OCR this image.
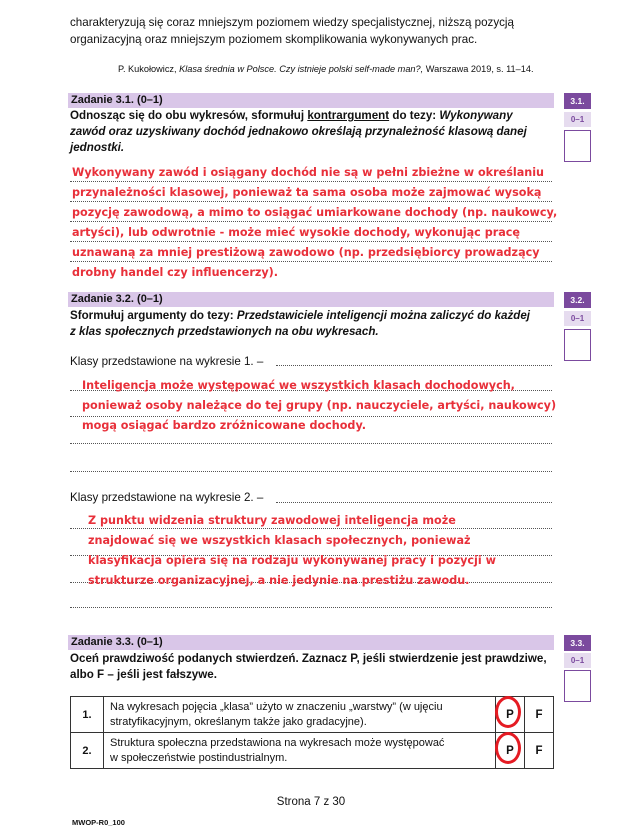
charakteryzują się coraz mniejszym poziomem wiedzy specjalistycznej, niższą pozycją
organizacyjną oraz mniejszym poziomem skomplikowania wykonywanych prac.
P. Kukołowicz, Klasa średnia w Polsce. Czy istnieje polski self-made man?, Warszawa 2019, s. 11–14.
Zadanie 3.1. (0–1)	3.1.
0–1
Odnosząc się do obu wykresów, sformułuj kontrargument do tezy: Wykonywany
zawód oraz uzyskiwany dochód jednakowo określają przynależność klasową danej
jednostki.
Wykonywany zawód i osiągany dochód nie są w pełni zbieżne w określaniu
przynależności klasowej, ponieważ ta sama osoba może zajmować wysoką
pozycję zawodową, a mimo to osiągać umiarkowane dochody (np. naukowcy,
artyści), lub odwrotnie - może mieć wysokie dochody, wykonując pracę
uznawaną za mniej prestiżową zawodowo (np. przedsiębiorcy prowadzący
drobny handel czy influencerzy).
Zadanie 3.2. (0–1)	3.2.
0–1
Sformułuj argumenty do tezy: Przedstawiciele inteligencji można zaliczyć do każdej
z klas społecznych przedstawionych na obu wykresach.
Klasy przedstawione na wykresie 1. –
Inteligencja może występować we wszystkich klasach dochodowych,
ponieważ osoby należące do tej grupy (np. nauczyciele, artyści, naukowcy)
mogą osiągać bardzo zróżnicowane dochody.
Klasy przedstawione na wykresie 2. –
Z punktu widzenia struktury zawodowej inteligencja może
znajdować się we wszystkich klasach społecznych, ponieważ
klasyfikacja opiera się na rodzaju wykonywanej pracy i pozycji w
strukturze organizacyjnej, a nie jedynie na prestiżu zawodu.
Zadanie 3.3. (0–1)	3.3.
0–1
Oceń prawdziwość podanych stwierdzeń. Zaznacz P, jeśli stwierdzenie jest prawdziwe,
albo F – jeśli jest fałszywe.
1.	Na wykresach pojęcia „klasa” użyto w znaczeniu „warstwy” (w ujęciu
stratyfikacyjnym, określanym także jako gradacyjne).	P	F
2.	Struktura społeczna przedstawiona na wykresach może występować
w społeczeństwie postindustrialnym.	P	F
Strona 7 z 30
MWOP-R0_100
